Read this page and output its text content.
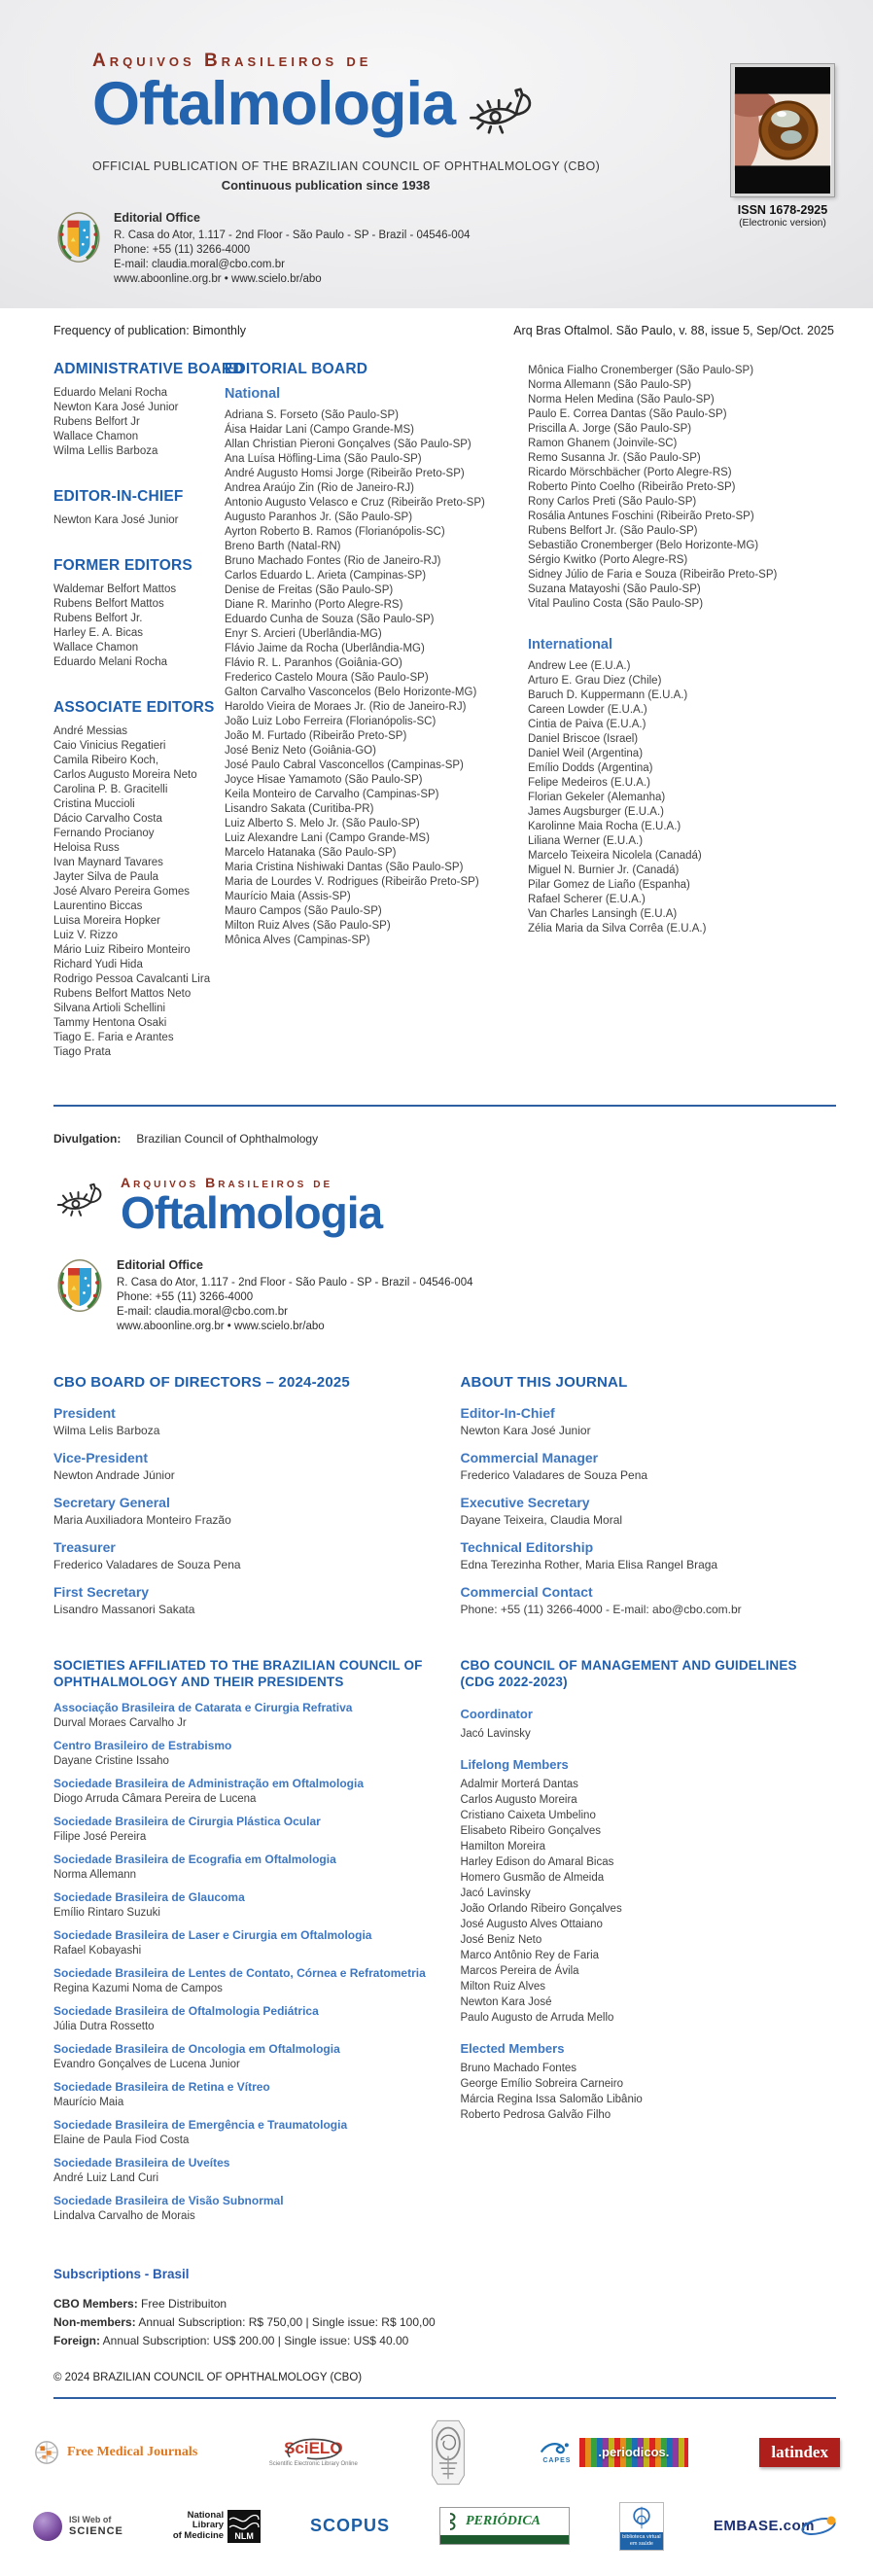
Arquivos Brasileiros de
Oftalmologia
OFFICIAL PUBLICATION OF THE BRAZILIAN COUNCIL OF OPHTHALMOLOGY (CBO)
Continuous publication since 1938
Editorial Office
R. Casa do Ator, 1.117 - 2nd Floor - São Paulo - SP - Brazil - 04546-004
Phone: +55 (11) 3266-4000
E-mail: claudia.moral@cbo.com.br
www.aboonline.org.br • www.scielo.br/abo
ISSN 1678-2925
(Electronic version)
Frequency of publication: Bimonthly	Arq Bras Oftalmol. São Paulo, v. 88, issue 5, Sep/Oct. 2025
ADMINISTRATIVE BOARD
Eduardo Melani Rocha
Newton Kara José Junior
Rubens Belfort Jr
Wallace Chamon
Wilma Lellis Barboza
EDITOR-IN-CHIEF
Newton Kara José Junior
FORMER EDITORS
Waldemar Belfort Mattos
Rubens Belfort Mattos
Rubens Belfort Jr.
Harley E. A. Bicas
Wallace Chamon
Eduardo Melani Rocha
ASSOCIATE EDITORS
André Messias
Caio Vinicius Regatieri
Camila Ribeiro Koch,
Carlos Augusto Moreira Neto
Carolina P. B. Gracitelli
Cristina Muccioli
Dácio Carvalho Costa
Fernando Procianoy
Heloisa Russ
Ivan Maynard Tavares
Jayter Silva de Paula
José Alvaro Pereira Gomes
Laurentino Biccas
Luisa Moreira Hopker
Luiz V. Rizzo
Mário Luiz Ribeiro Monteiro
Richard Yudi Hida
Rodrigo Pessoa Cavalcanti Lira
Rubens Belfort Mattos Neto
Silvana Artioli Schellini
Tammy Hentona Osaki
Tiago E. Faria e Arantes
Tiago Prata
EDITORIAL BOARD
National
Adriana S. Forseto (São Paulo-SP)
Áisa Haidar Lani (Campo Grande-MS)
Allan Christian Pieroni Gonçalves (São Paulo-SP)
Ana Luísa Höfling-Lima (São Paulo-SP)
André Augusto Homsi Jorge (Ribeirão Preto-SP)
Andrea Araújo Zin (Rio de Janeiro-RJ)
Antonio Augusto Velasco e Cruz (Ribeirão Preto-SP)
Augusto Paranhos Jr. (São Paulo-SP)
Ayrton Roberto B. Ramos (Florianópolis-SC)
Breno Barth (Natal-RN)
Bruno Machado Fontes (Rio de Janeiro-RJ)
Carlos Eduardo L. Arieta (Campinas-SP)
Denise de Freitas (São Paulo-SP)
Diane R. Marinho (Porto Alegre-RS)
Eduardo Cunha de Souza (São Paulo-SP)
Enyr S. Arcieri (Uberlândia-MG)
Flávio Jaime da Rocha (Uberlândia-MG)
Flávio R. L. Paranhos (Goiânia-GO)
Frederico Castelo Moura (São Paulo-SP)
Galton Carvalho Vasconcelos (Belo Horizonte-MG)
Haroldo Vieira de Moraes Jr. (Rio de Janeiro-RJ)
João Luiz Lobo Ferreira (Florianópolis-SC)
João M. Furtado (Ribeirão Preto-SP)
José Beniz Neto (Goiânia-GO)
José Paulo Cabral Vasconcellos (Campinas-SP)
Joyce Hisae Yamamoto (São Paulo-SP)
Keila Monteiro de Carvalho (Campinas-SP)
Lisandro Sakata (Curitiba-PR)
Luiz Alberto S. Melo Jr. (São Paulo-SP)
Luiz Alexandre Lani (Campo Grande-MS)
Marcelo Hatanaka (São Paulo-SP)
Maria Cristina Nishiwaki Dantas (São Paulo-SP)
Maria de Lourdes V. Rodrigues (Ribeirão Preto-SP)
Maurício Maia (Assis-SP)
Mauro Campos (São Paulo-SP)
Milton Ruiz Alves (São Paulo-SP)
Mônica Alves (Campinas-SP)
Mônica Fialho Cronemberger (São Paulo-SP)
Norma Allemann (São Paulo-SP)
Norma Helen Medina (São Paulo-SP)
Paulo E. Correa Dantas (São Paulo-SP)
Priscilla A. Jorge (São Paulo-SP)
Ramon Ghanem (Joinvile-SC)
Remo Susanna Jr. (São Paulo-SP)
Ricardo Mörschbächer (Porto Alegre-RS)
Roberto Pinto Coelho (Ribeirão Preto-SP)
Rony Carlos Preti (São Paulo-SP)
Rosália Antunes Foschini (Ribeirão Preto-SP)
Rubens Belfort Jr. (São Paulo-SP)
Sebastião Cronemberger (Belo Horizonte-MG)
Sérgio Kwitko (Porto Alegre-RS)
Sidney Júlio de Faria e Souza (Ribeirão Preto-SP)
Suzana Matayoshi (São Paulo-SP)
Vital Paulino Costa (São Paulo-SP)
International
Andrew Lee (E.U.A.)
Arturo E. Grau Diez (Chile)
Baruch D. Kuppermann (E.U.A.)
Careen Lowder (E.U.A.)
Cintia de Paiva (E.U.A.)
Daniel Briscoe (Israel)
Daniel Weil (Argentina)
Emílio Dodds (Argentina)
Felipe Medeiros (E.U.A.)
Florian Gekeler (Alemanha)
James Augsburger (E.U.A.)
Karolinne Maia Rocha (E.U.A.)
Liliana Werner (E.U.A.)
Marcelo Teixeira Nicolela (Canadá)
Miguel N. Burnier Jr. (Canadá)
Pilar Gomez de Liaño (Espanha)
Rafael Scherer (E.U.A.)
Van Charles Lansingh (E.U.A)
Zélia Maria da Silva Corrêa (E.U.A.)
Divulgation: Brazilian Council of Ophthalmology
Arquivos Brasileiros de
Oftalmologia
Editorial Office
R. Casa do Ator, 1.117 - 2nd Floor - São Paulo - SP - Brazil - 04546-004
Phone: +55 (11) 3266-4000
E-mail: claudia.moral@cbo.com.br
www.aboonline.org.br • www.scielo.br/abo
CBO BOARD OF DIRECTORS – 2024-2025
President
Wilma Lelis Barboza
Vice-President
Newton Andrade Júnior
Secretary General
Maria Auxiliadora Monteiro Frazão
Treasurer
Frederico Valadares de Souza Pena
First Secretary
Lisandro Massanori Sakata
ABOUT THIS JOURNAL
Editor-In-Chief
Newton Kara José Junior
Commercial Manager
Frederico Valadares de Souza Pena
Executive Secretary
Dayane Teixeira, Claudia Moral
Technical Editorship
Edna Terezinha Rother, Maria Elisa Rangel Braga
Commercial Contact
Phone: +55 (11) 3266-4000 - E-mail: abo@cbo.com.br
SOCIETIES AFFILIATED TO THE BRAZILIAN COUNCIL OF OPHTHALMOLOGY AND THEIR PRESIDENTS
Associação Brasileira de Catarata e Cirurgia Refrativa
Durval Moraes Carvalho Jr
Centro Brasileiro de Estrabismo
Dayane Cristine Issaho
Sociedade Brasileira de Administração em Oftalmologia
Diogo Arruda Câmara Pereira de Lucena
Sociedade Brasileira de Cirurgia Plástica Ocular
Filipe José Pereira
Sociedade Brasileira de Ecografia em Oftalmologia
Norma Allemann
Sociedade Brasileira de Glaucoma
Emílio Rintaro Suzuki
Sociedade Brasileira de Laser e Cirurgia em Oftalmologia
Rafael Kobayashi
Sociedade Brasileira de Lentes de Contato, Córnea e Refratometria
Regina Kazumi Noma de Campos
Sociedade Brasileira de Oftalmologia Pediátrica
Júlia Dutra Rossetto
Sociedade Brasileira de Oncologia em Oftalmologia
Evandro Gonçalves de Lucena Junior
Sociedade Brasileira de Retina e Vítreo
Maurício Maia
Sociedade Brasileira de Emergência e Traumatologia
Elaine de Paula Fiod Costa
Sociedade Brasileira de Uveítes
André Luiz Land Curi
Sociedade Brasileira de Visão Subnormal
Lindalva Carvalho de Morais
CBO COUNCIL OF MANAGEMENT AND GUIDELINES (CDG 2022-2023)
Coordinator
Jacó Lavinsky
Lifelong Members
Adalmir Morterá Dantas
Carlos Augusto Moreira
Cristiano Caixeta Umbelino
Elisabeto Ribeiro Gonçalves
Hamilton Moreira
Harley Edison do Amaral Bicas
Homero Gusmão de Almeida
Jacó Lavinsky
João Orlando Ribeiro Gonçalves
José Augusto Alves Ottaiano
José Beniz Neto
Marco Antônio Rey de Faria
Marcos Pereira de Ávila
Milton Ruiz Alves
Newton Kara José
Paulo Augusto de Arruda Mello
Elected Members
Bruno Machado Fontes
George Emílio Sobreira Carneiro
Márcia Regina Issa Salomão Libânio
Roberto Pedrosa Galvão Filho
Subscriptions - Brasil
CBO Members: Free Distribuiton
Non-members: Annual Subscription: R$ 750,00 | Single issue: R$ 100,00
Foreign: Annual Subscription: US$ 200.00 | Single issue: US$ 40.00
© 2024 BRAZILIAN COUNCIL OF OPHTHALMOLOGY (CBO)
Free Medical Journals	SciELO
Scientific Electronic Library Online	CAPES
.periodicos.	latindex
ISI Web of
SCIENCE
National
Library
of Medicine NLM
SCOPUS	PERIÓDICA
biblioteca virtual em saúde
EMBASE.com
